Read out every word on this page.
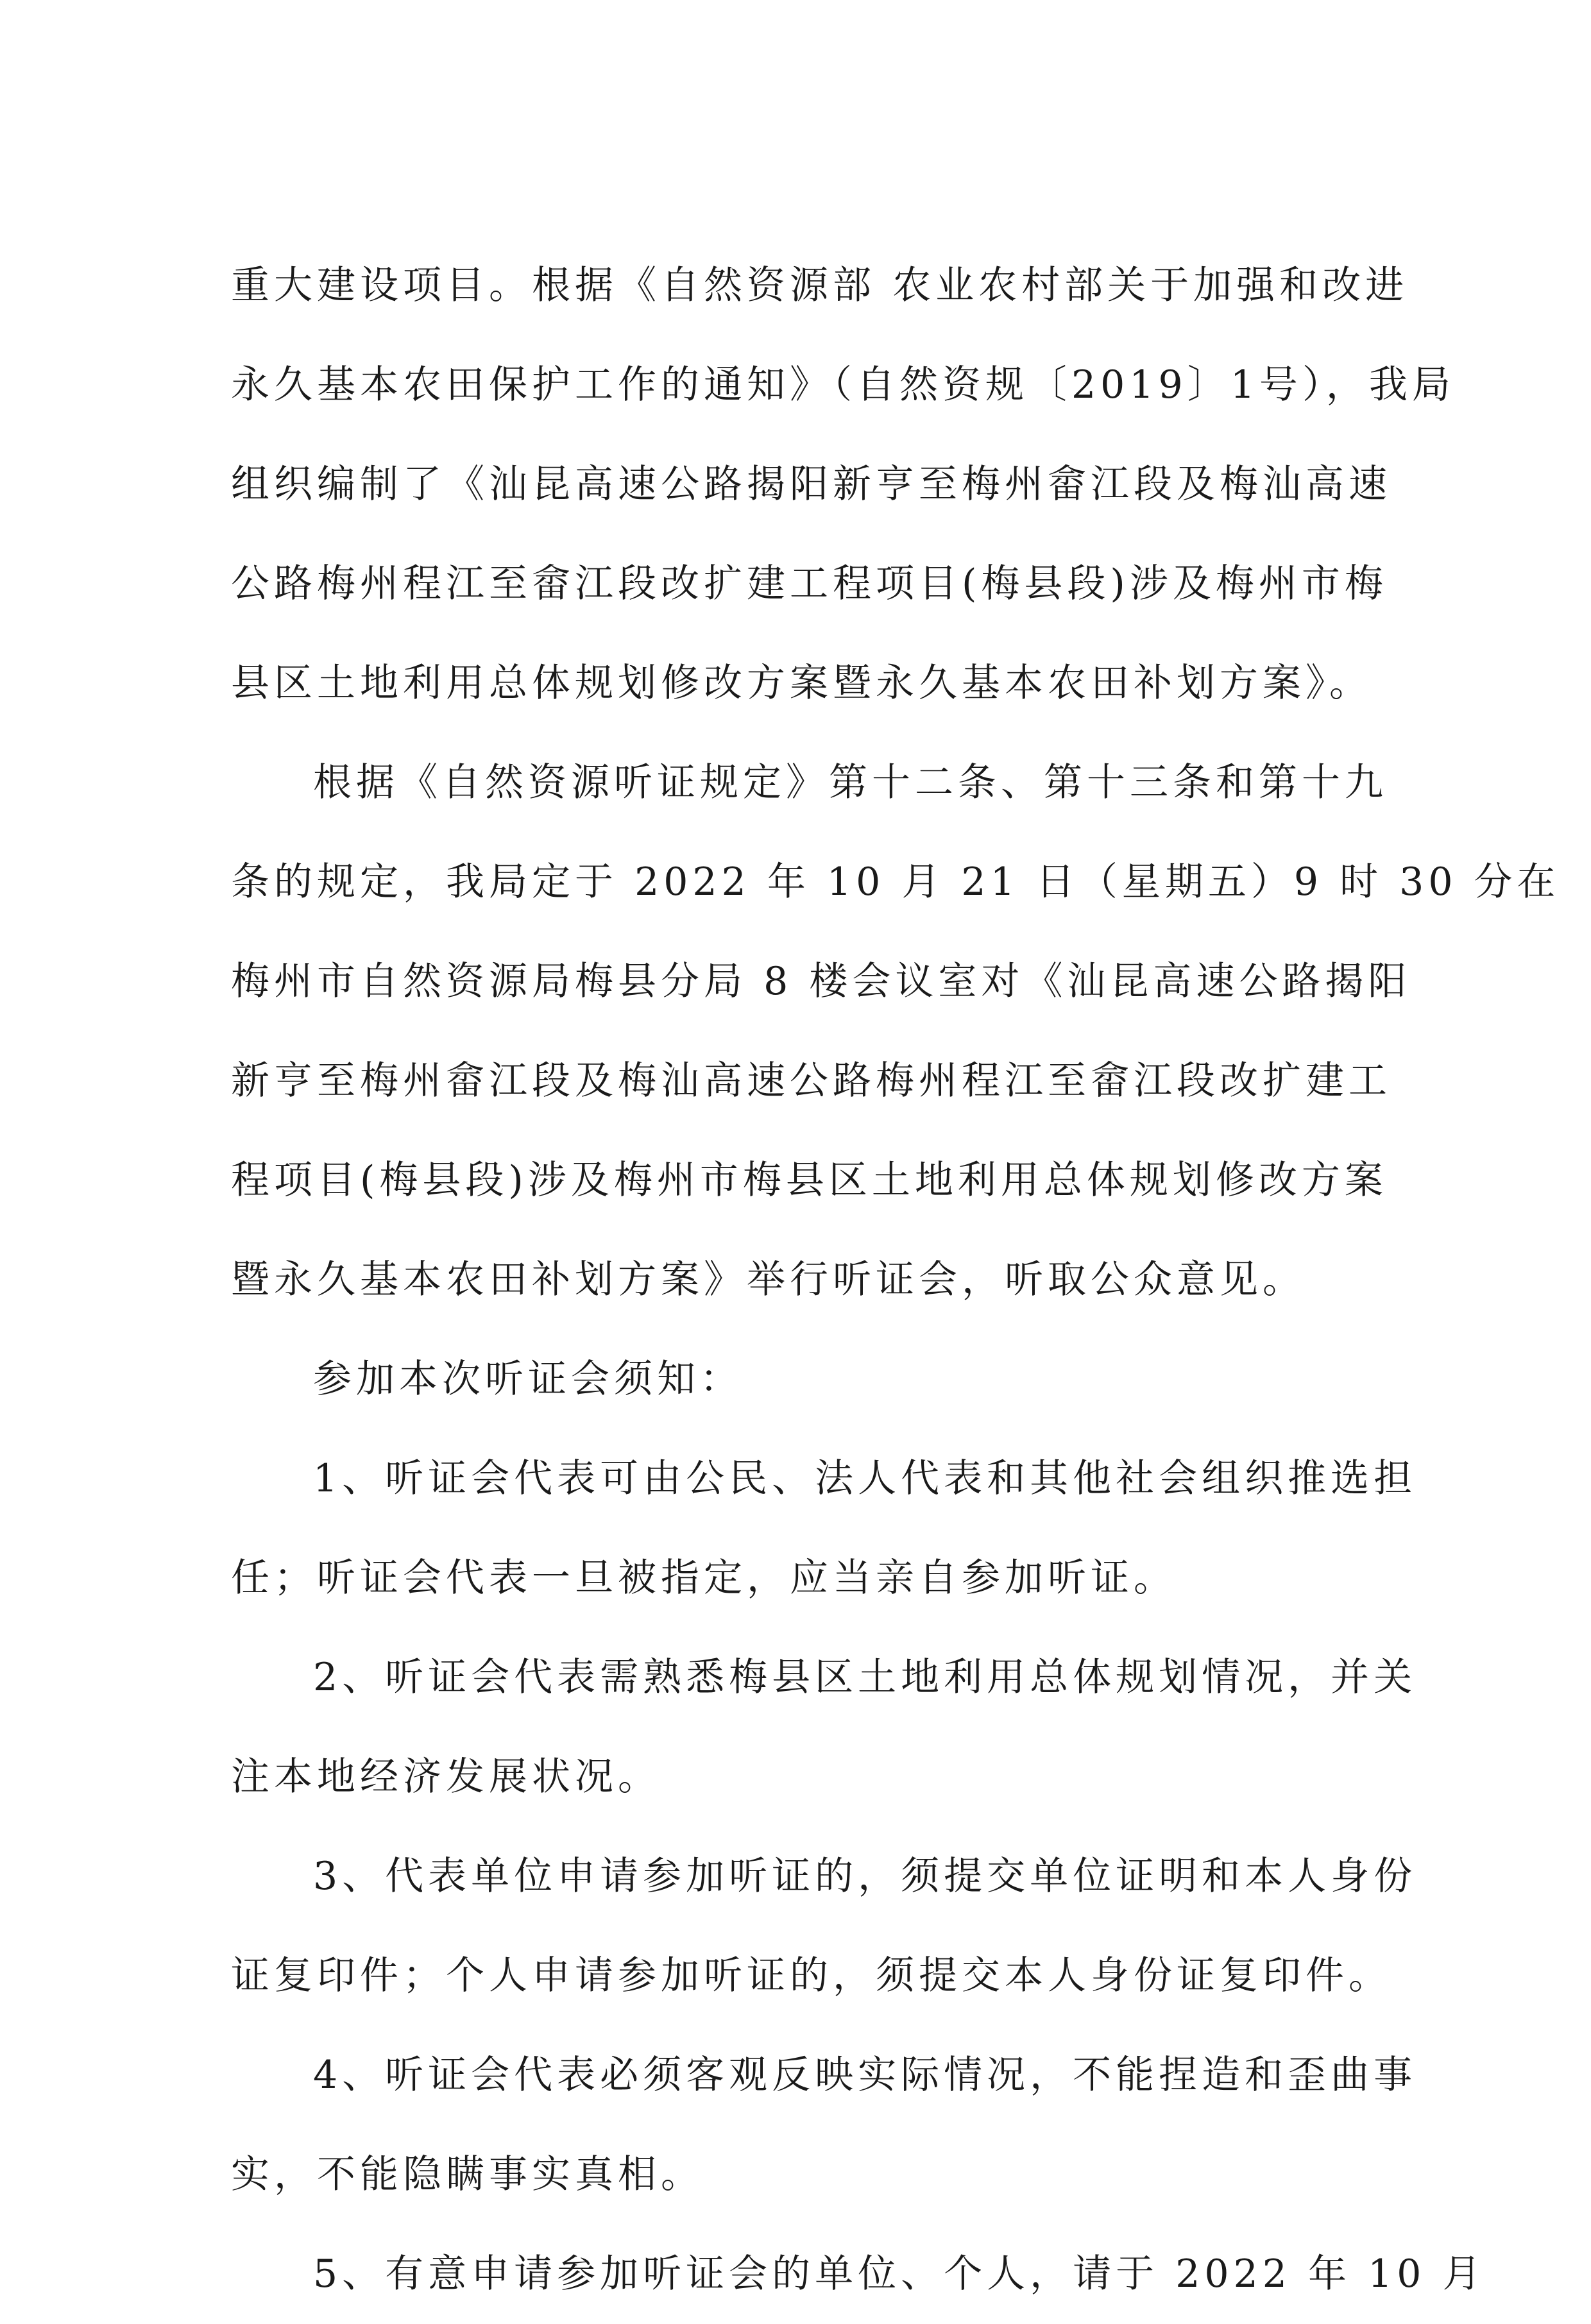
重大建设项目。根据《自然资源部 农业农村部关于加强和改进
永久基本农田保护工作的通知》（自然资规〔2019〕1号），我局
组织编制了《汕昆高速公路揭阳新亨至梅州畲江段及梅汕高速
公路梅州程江至畲江段改扩建工程项目(梅县段)涉及梅州市梅
县区土地利用总体规划修改方案暨永久基本农田补划方案》。
根据《自然资源听证规定》第十二条、第十三条和第十九
条的规定，我局定于 2022 年 10 月 21 日（星期五）9 时 30 分在
梅州市自然资源局梅县分局 8 楼会议室对《汕昆高速公路揭阳
新亨至梅州畲江段及梅汕高速公路梅州程江至畲江段改扩建工
程项目(梅县段)涉及梅州市梅县区土地利用总体规划修改方案
暨永久基本农田补划方案》举行听证会，听取公众意见。
参加本次听证会须知：
1、听证会代表可由公民、法人代表和其他社会组织推选担
任；听证会代表一旦被指定，应当亲自参加听证。
2、听证会代表需熟悉梅县区土地利用总体规划情况，并关
注本地经济发展状况。
3、代表单位申请参加听证的，须提交单位证明和本人身份
证复印件；个人申请参加听证的，须提交本人身份证复印件。
4、听证会代表必须客观反映实际情况，不能捏造和歪曲事
实，不能隐瞒事实真相。
5、有意申请参加听证会的单位、个人，请于 2022 年 10 月
